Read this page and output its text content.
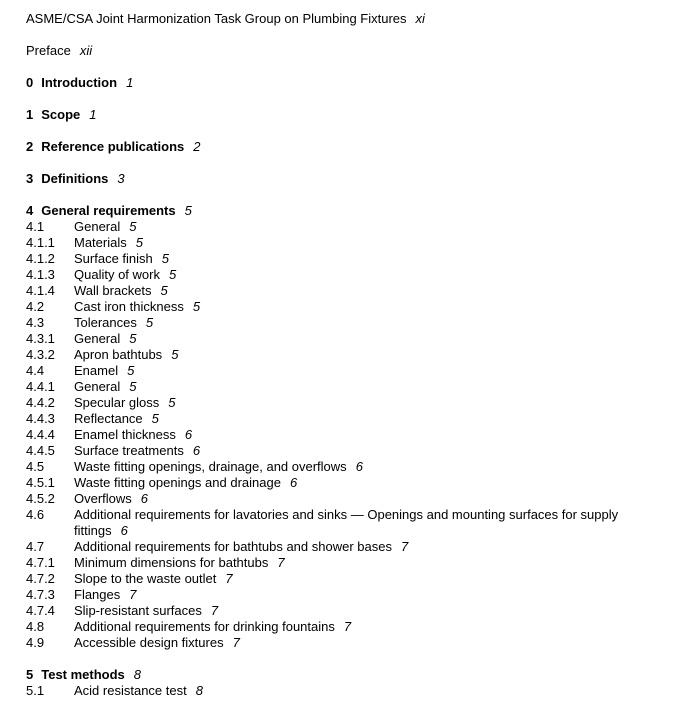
ASME/CSA Joint Harmonization Task Group on Plumbing Fixtures xi
Preface xii
0 Introduction 1
1 Scope 1
2 Reference publications 2
3 Definitions 3
4 General requirements 5
4.1	General 5
4.1.1	Materials 5
4.1.2	Surface finish 5
4.1.3	Quality of work 5
4.1.4	Wall brackets 5
4.2	Cast iron thickness 5
4.3	Tolerances 5
4.3.1	General 5
4.3.2	Apron bathtubs 5
4.4	Enamel 5
4.4.1	General 5
4.4.2	Specular gloss 5
4.4.3	Reflectance 5
4.4.4	Enamel thickness 6
4.4.5	Surface treatments 6
4.5	Waste fitting openings, drainage, and overflows 6
4.5.1	Waste fitting openings and drainage 6
4.5.2	Overflows 6
4.6	Additional requirements for lavatories and sinks — Openings and mounting surfaces for supply fittings 6
4.7	Additional requirements for bathtubs and shower bases 7
4.7.1	Minimum dimensions for bathtubs 7
4.7.2	Slope to the waste outlet 7
4.7.3	Flanges 7
4.7.4	Slip-resistant surfaces 7
4.8	Additional requirements for drinking fountains 7
4.9	Accessible design fixtures 7
5 Test methods 8
5.1	Acid resistance test 8
